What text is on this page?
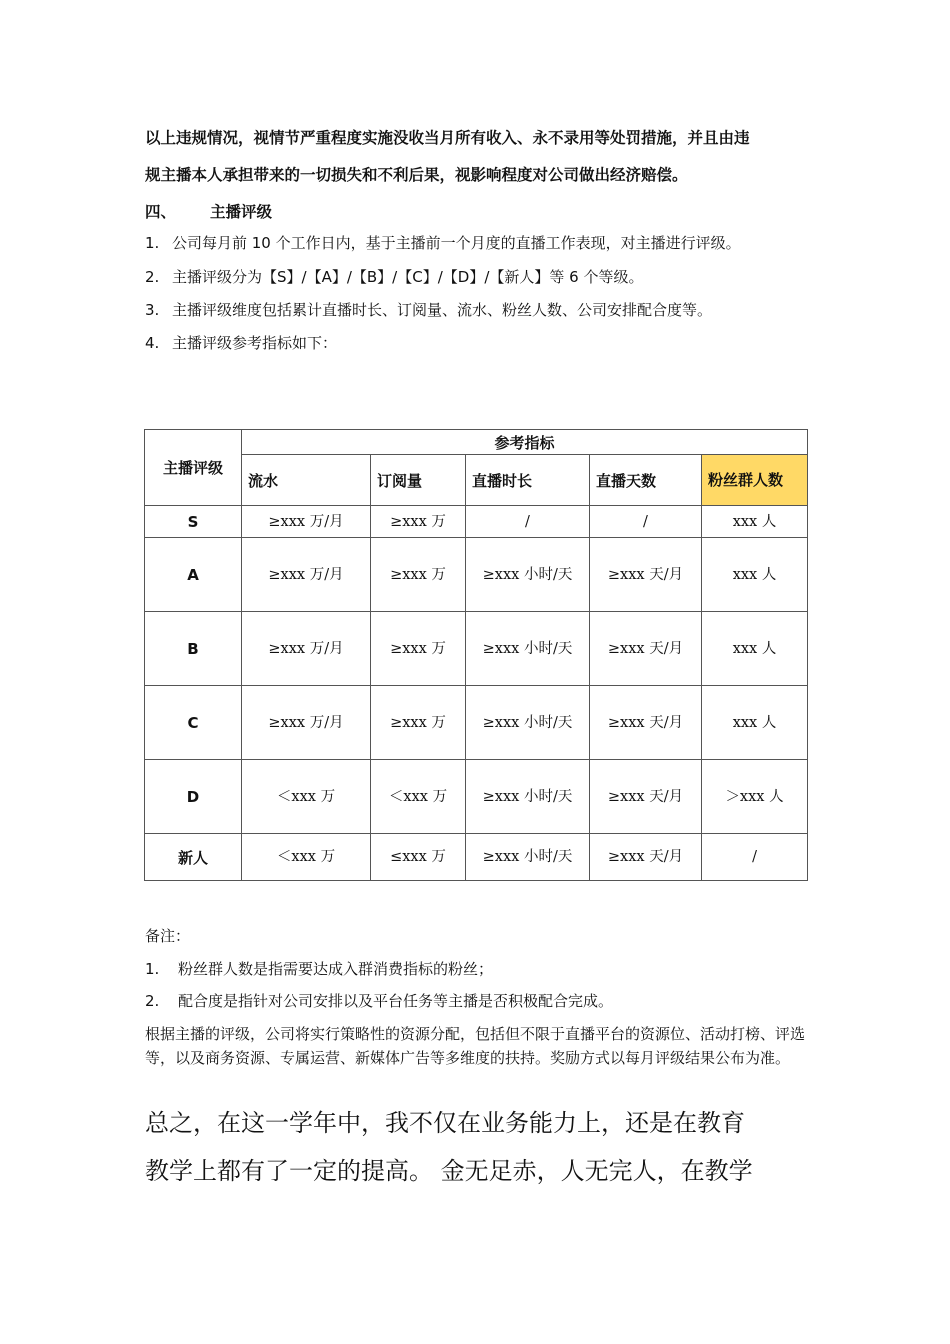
以上违规情况，视情节严重程度实施没收当月所有收入、永不录用等处罚措施，并且由违

规主播本人承担带来的一切损失和不利后果，视影响程度对公司做出经济赔偿。

四、 主播评级

1. 公司每月前 10 个工作日内，基于主播前一个月度的直播工作表现，对主播进行评级。

2. 主播评级分为【S】/【A】/【B】/【C】/【D】/【新人】等 6 个等级。

3. 主播评级维度包括累计直播时长、订阅量、流水、粉丝人数、公司安排配合度等。

4. 主播评级参考指标如下：

主播评级	参考指标				
	流水	订阅量	直播时长	直播天数	粉丝群人数
S	≥xxx 万/月	≥xxx 万	/	/	xxx 人
A	≥xxx 万/月	≥xxx 万	≥xxx 小时/天	≥xxx 天/月	xxx 人
B	≥xxx 万/月	≥xxx 万	≥xxx 小时/天	≥xxx 天/月	xxx 人
C	≥xxx 万/月	≥xxx 万	≥xxx 小时/天	≥xxx 天/月	xxx 人
D	＜xxx 万	＜xxx 万	≥xxx 小时/天	≥xxx 天/月	＞xxx 人
新人	＜xxx 万	≤xxx 万	≥xxx 小时/天	≥xxx 天/月	/

备注：

1. 粉丝群人数是指需要达成入群消费指标的粉丝；

2. 配合度是指针对公司安排以及平台任务等主播是否积极配合完成。

根据主播的评级，公司将实行策略性的资源分配，包括但不限于直播平台的资源位、活动打榜、评选等，以及商务资源、专属运营、新媒体广告等多维度的扶持。奖励方式以每月评级结果公布为准。

总之，在这一学年中，我不仅在业务能力上，还是在教育

教学上都有了一定的提高。 金无足赤，人无完人，在教学
